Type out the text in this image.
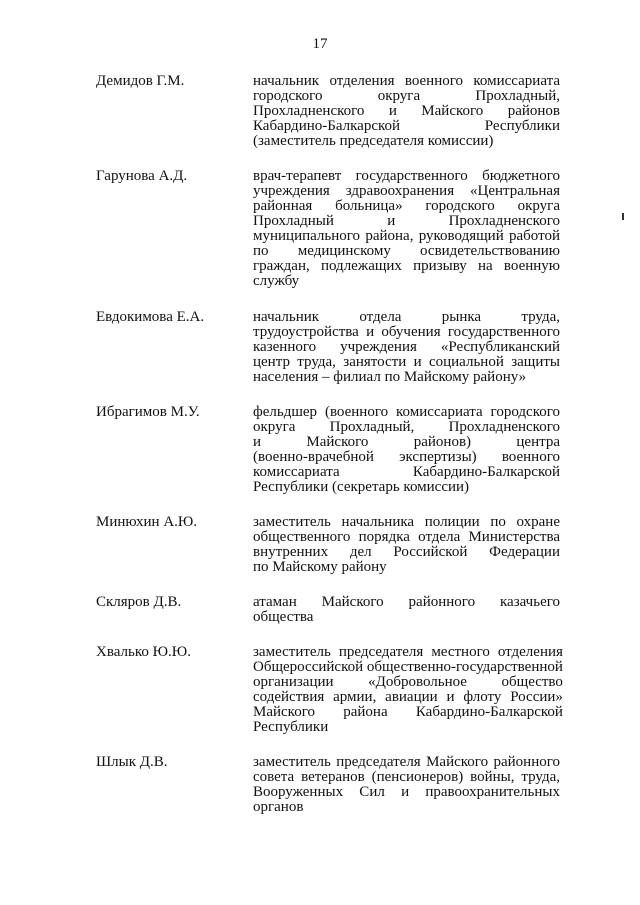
17
Демидов Г.М.	начальник отделения военного комиссариата
городского округа Прохладный,
Прохладненского и Майского районов
Кабардино-Балкарской Республики
(заместитель председателя комиссии)
Гарунова А.Д.	врач-терапевт государственного бюджетного
учреждения здравоохранения «Центральная
районная больница» городского округа
Прохладный и Прохладненского
муниципального района, руководящий работой
по медицинскому освидетельствованию
граждан, подлежащих призыву на военную
службу
Евдокимова Е.А.	начальник отдела рынка труда,
трудоустройства и обучения государственного
казенного учреждения «Республиканский
центр труда, занятости и социальной защиты
населения – филиал по Майскому району»
Ибрагимов М.У.	фельдшер (военного комиссариата городского
округа Прохладный, Прохладненского
и Майского районов) центра
(военно-врачебной экспертизы) военного
комиссариата Кабардино-Балкарской
Республики (секретарь комиссии)
Минюхин А.Ю.	заместитель начальника полиции по охране
общественного порядка отдела Министерства
внутренних дел Российской Федерации
по Майскому району
Скляров Д.В.	атаман Майского районного казачьего
общества
Хвалько Ю.Ю.	заместитель председателя местного отделения
Общероссийской общественно-государственной
организации «Добровольное общество
содействия армии, авиации и флоту России»
Майского района Кабардино-Балкарской
Республики
Шлык Д.В.	заместитель председателя Майского районного
совета ветеранов (пенсионеров) войны, труда,
Вооруженных Сил и правоохранительных
органов
